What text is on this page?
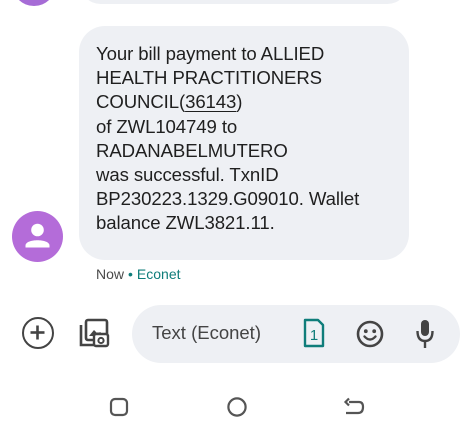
Your bill payment to ALLIED
HEALTH PRACTITIONERS
COUNCIL(36143)
of ZWL104749 to
RADANABELMUTERO
was successful. TxnID
BP230223.1329.G09010. Wallet
balance ZWL3821.11.
Now • Econet
Text (Econet)
1
